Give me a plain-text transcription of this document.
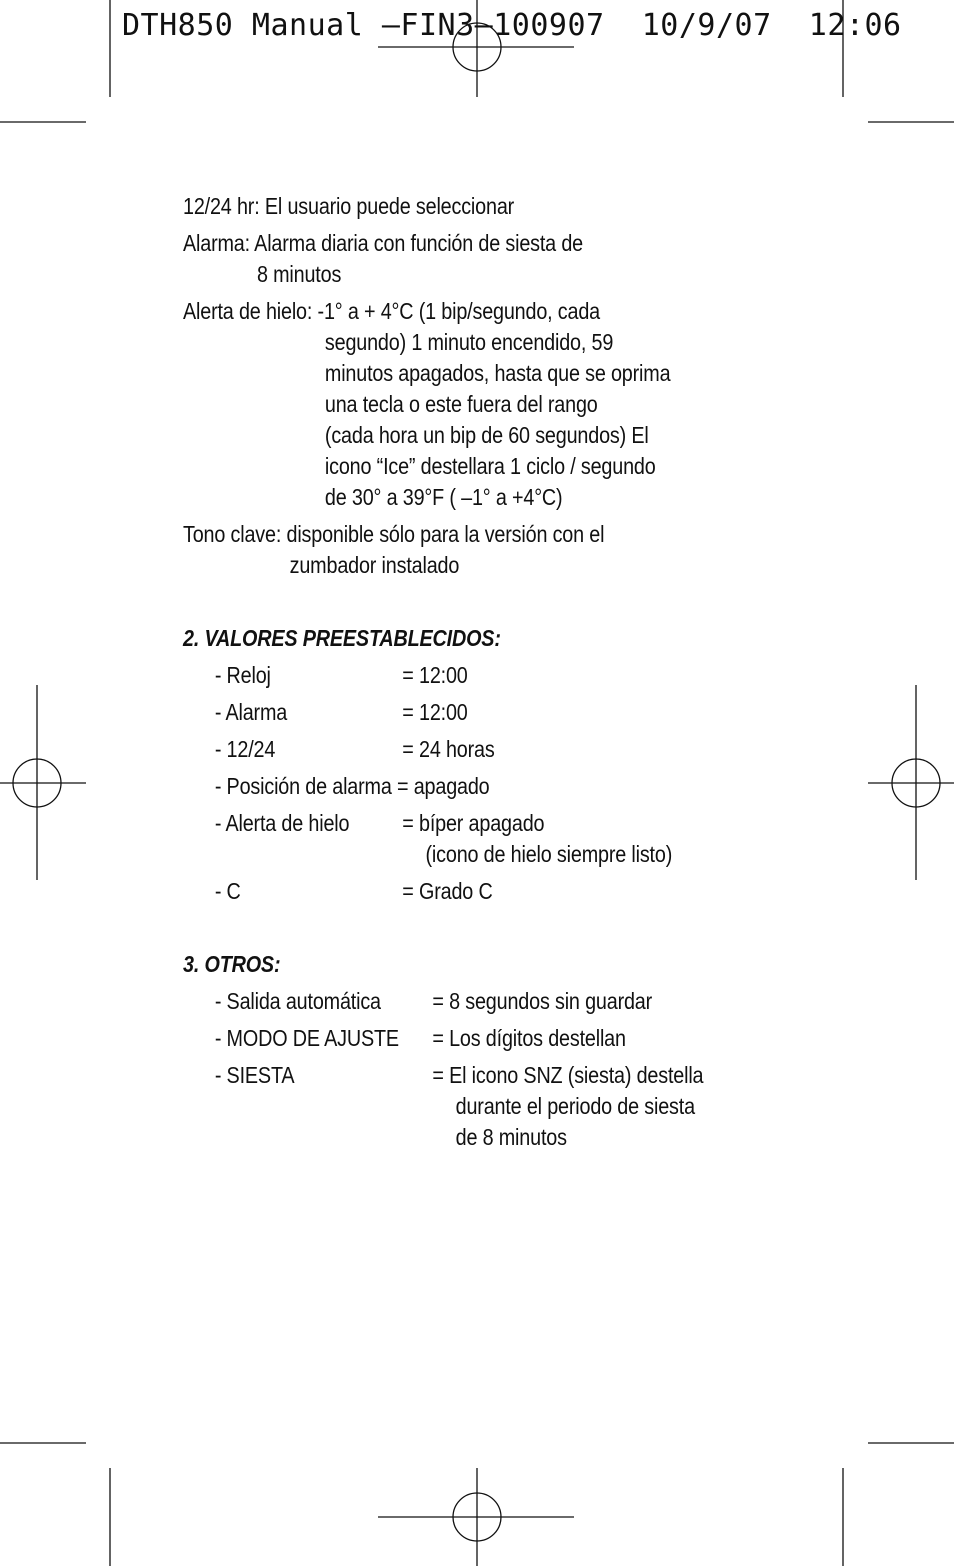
DTH850 Manual –FIN3–100907  10/9/07  12:06
12/24 hr: El usuario puede seleccionar
Alarma: Alarma diaria con función de siesta de
8 minutos
Alerta de hielo: -1° a + 4°C (1 bip/segundo, cada
segundo) 1 minuto encendido, 59
minutos apagados, hasta que se oprima
una tecla o este fuera del rango
(cada hora un bip de 60 segundos) El
icono “Ice” destellara 1 ciclo / segundo
de 30° a 39°F ( –1° a +4°C)
Tono clave: disponible sólo para la versión con el
zumbador instalado
2. VALORES PREESTABLECIDOS:
- Reloj	= 12:00
- Alarma	= 12:00
- 12/24	= 24 horas
- Posición de alarma = apagado
- Alerta de hielo = bíper apagado
(icono de hielo siempre listo)
- C	= Grado C
3. OTROS:
- Salida automática = 8 segundos sin guardar
- MODO DE AJUSTE = Los dígitos destellan
- SIESTA	= El icono SNZ (siesta) destella
durante el periodo de siesta
de 8 minutos
